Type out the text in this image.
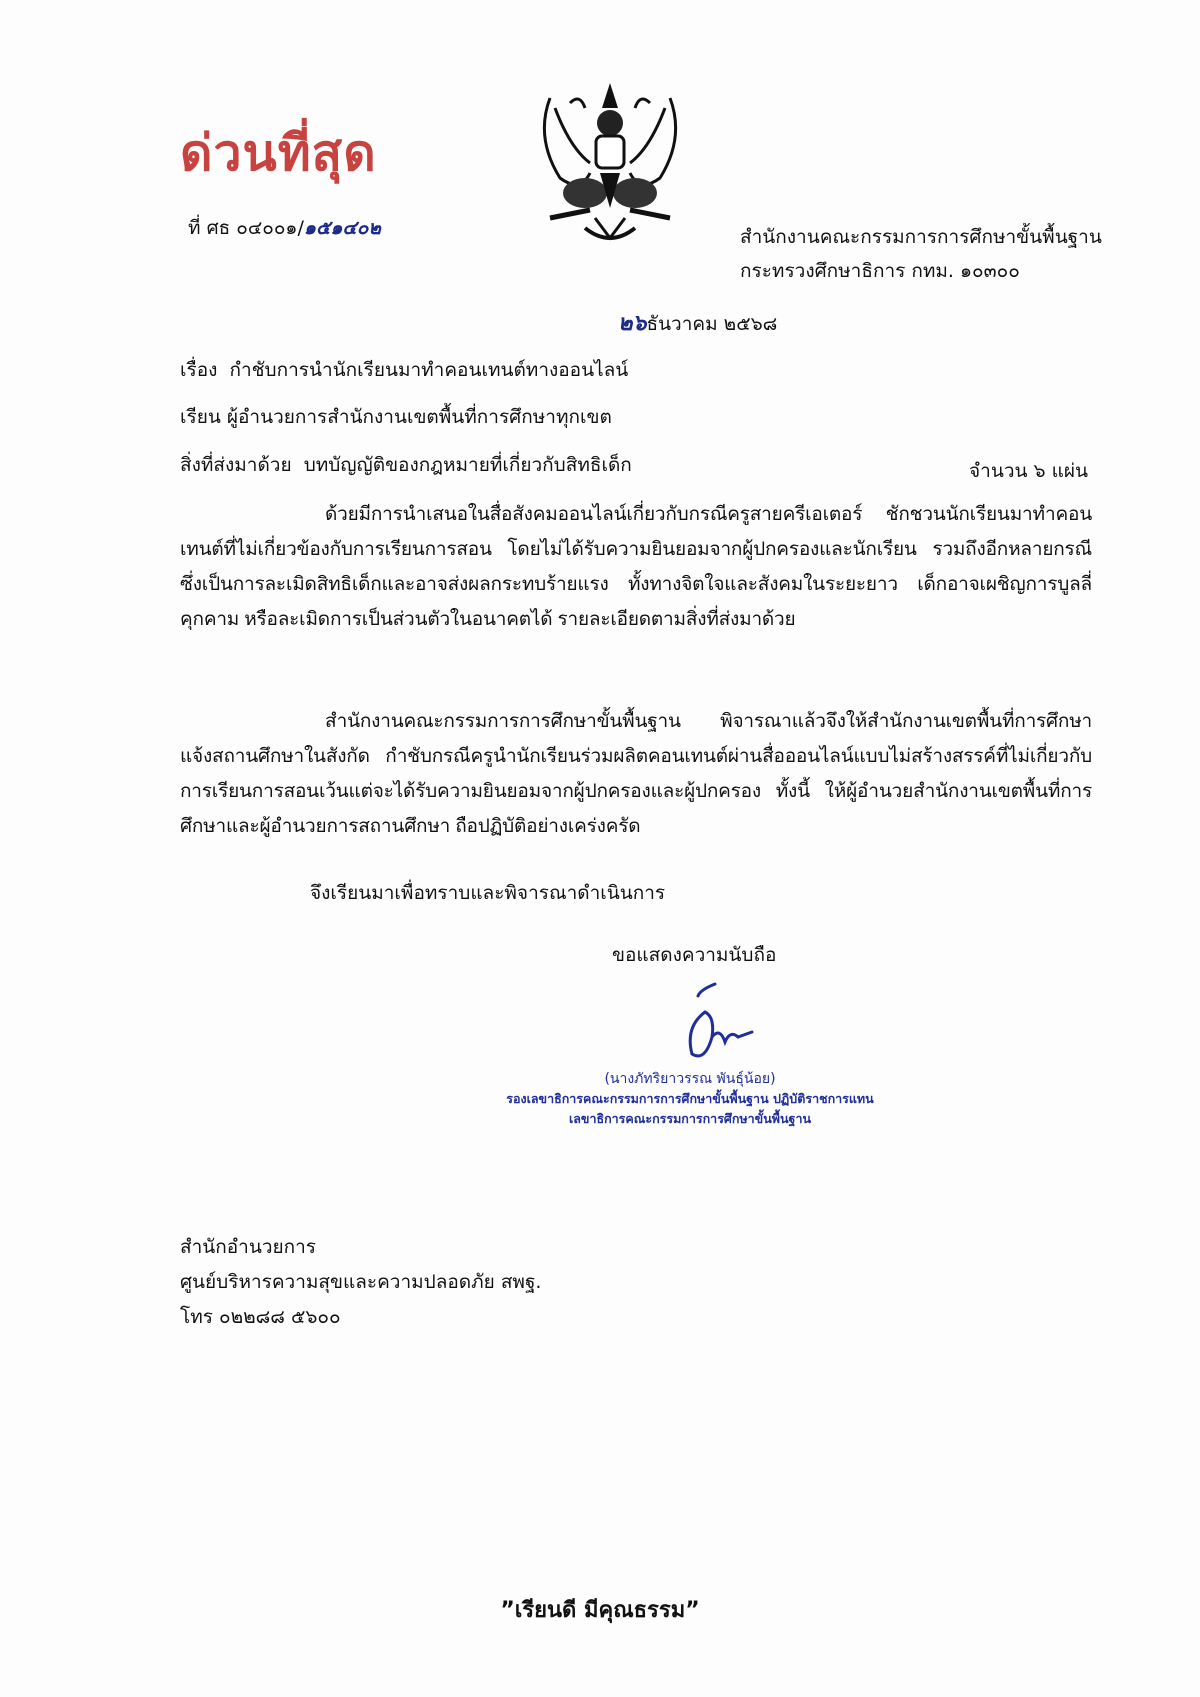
ด่วนที่สุด
ที่ ศธ ๐๔๐๐๑/๑๕๑๔๐๒	สำนักงานคณะกรรมการการศึกษาขั้นพื้นฐาน
กระทรวงศึกษาธิการ กทม. ๑๐๓๐๐
๒๖ธันวาคม ๒๕๖๘
เรื่อง กำชับการนำนักเรียนมาทำคอนเทนต์ทางออนไลน์
เรียน ผู้อำนวยการสำนักงานเขตพื้นที่การศึกษาทุกเขต
สิ่งที่ส่งมาด้วย บทบัญญัติของกฎหมายที่เกี่ยวกับสิทธิเด็ก	จำนวน ๖ แผ่น
ด้วยมีการนำเสนอในสื่อสังคมออนไลน์เกี่ยวกับกรณีครูสายครีเอเตอร์ ชักชวนนักเรียนมาทำคอนเทนต์ที่ไม่เกี่ยวข้องกับการเรียนการสอน โดยไม่ได้รับความยินยอมจากผู้ปกครองและนักเรียน รวมถึงอีกหลายกรณี ซึ่งเป็นการละเมิดสิทธิเด็กและอาจส่งผลกระทบร้ายแรง ทั้งทางจิตใจและสังคมในระยะยาว เด็กอาจเผชิญการบูลลี่ คุกคาม หรือละเมิดการเป็นส่วนตัวในอนาคตได้ รายละเอียดตามสิ่งที่ส่งมาด้วย
สำนักงานคณะกรรมการการศึกษาขั้นพื้นฐาน พิจารณาแล้วจึงให้สำนักงานเขตพื้นที่การศึกษา แจ้งสถานศึกษาในสังกัด กำชับกรณีครูนำนักเรียนร่วมผลิตคอนเทนต์ผ่านสื่อออนไลน์แบบไม่สร้างสรรค์ที่ไม่เกี่ยวกับการเรียนการสอนเว้นแต่จะได้รับความยินยอมจากผู้ปกครองและผู้ปกครอง ทั้งนี้ ให้ผู้อำนวยสำนักงานเขตพื้นที่การศึกษาและผู้อำนวยการสถานศึกษา ถือปฏิบัติอย่างเคร่งครัด
จึงเรียนมาเพื่อทราบและพิจารณาดำเนินการ
ขอแสดงความนับถือ
(นางภัทริยาวรรณ พันธุ์น้อย)
รองเลขาธิการคณะกรรมการการศึกษาขั้นพื้นฐาน ปฏิบัติราชการแทน
เลขาธิการคณะกรรมการการศึกษาขั้นพื้นฐาน
สำนักอำนวยการ
ศูนย์บริหารความสุขและความปลอดภัย สพฐ.
โทร ๐๒๒๘๘ ๕๖๐๐
”เรียนดี มีคุณธรรม”
